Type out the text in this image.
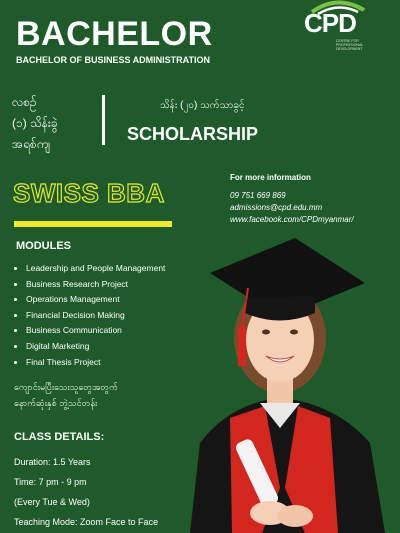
BACHELOR
BACHELOR OF BUSINESS ADMINISTRATION
CPD
CENTRE FOR PROFESSIONAL DEVELOPMENT
လစဉ်
(၁) သိန်းခွဲ
အရစ်ကျ
သိန်း (၂၀) သက်သာခွင့်
SCHOLARSHIP
For more information
09 751 669 869
admissions@cpd.edu.mm
www.facebook.com/CPDmyanmar/
SWISS BBA
MODULES
• Leadership and People Management
• Business Research Project
• Operations Management
• Financial Decision Making
• Business Communication
• Digital Marketing
• Final Thesis Project
ကျောင်းမပြီးသေးသူတွေအတွက်
နောက်ဆုံးနှစ် ဘွဲ့သင်တန်း
CLASS DETAILS:
Duration: 1.5 Years
Time: 7 pm - 9 pm
(Every Tue & Wed)
Teaching Mode: Zoom Face to Face
